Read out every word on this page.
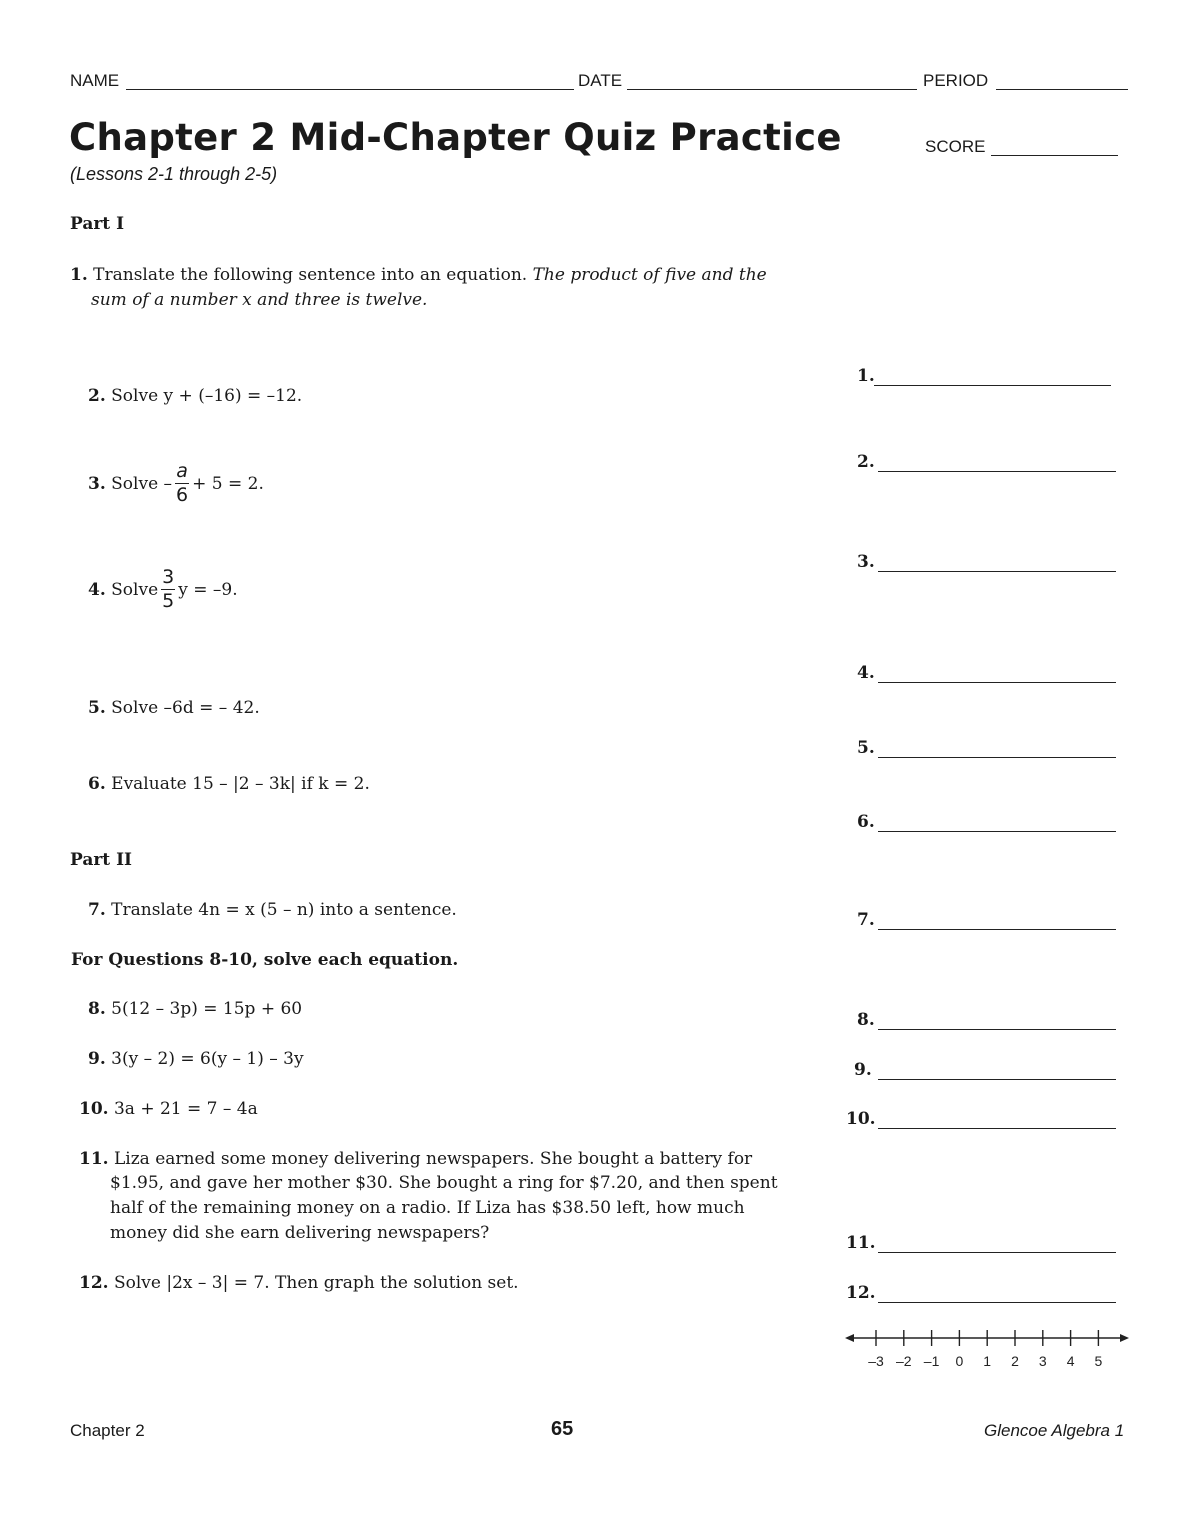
NAME	DATE	PERIOD
Chapter 2 Mid-Chapter Quiz Practice	SCORE
(Lessons 2-1 through 2-5)
Part I
1. Translate the following sentence into an equation. The product of five and the
sum of a number x and three is twelve.
2. Solve y + (–16) = –12.
3.
Solve – $\frac{a}{6} + 5 = 2$.
4.
Solve $\frac{3}{5}$ y = –9.
5. Solve –6d = – 42.
6. Evaluate 15 – |2 – 3k| if k = 2.
Part II
7. Translate 4n = x (5 – n) into a sentence.
For Questions 8-10, solve each equation.
8. 5(12 – 3p) = 15p + 60
9. 3(y – 2) = 6(y – 1) – 3y
10. 3a + 21 = 7 – 4a
11. Liza earned some money delivering newspapers. She bought a battery for
$1.95, and gave her mother $30. She bought a ring for $7.20, and then spent
half of the remaining money on a radio. If Liza has $38.50 left, how much
money did she earn delivering newspapers?
12. Solve |2x – 3| = 7. Then graph the solution set.
1.
2.
3.
4.
5.
6.
7.
8.
9.
10.
11.
12.
–3 –2 –1 0 1 2 3 4 5
Chapter 2	65	Glencoe Algebra 1
